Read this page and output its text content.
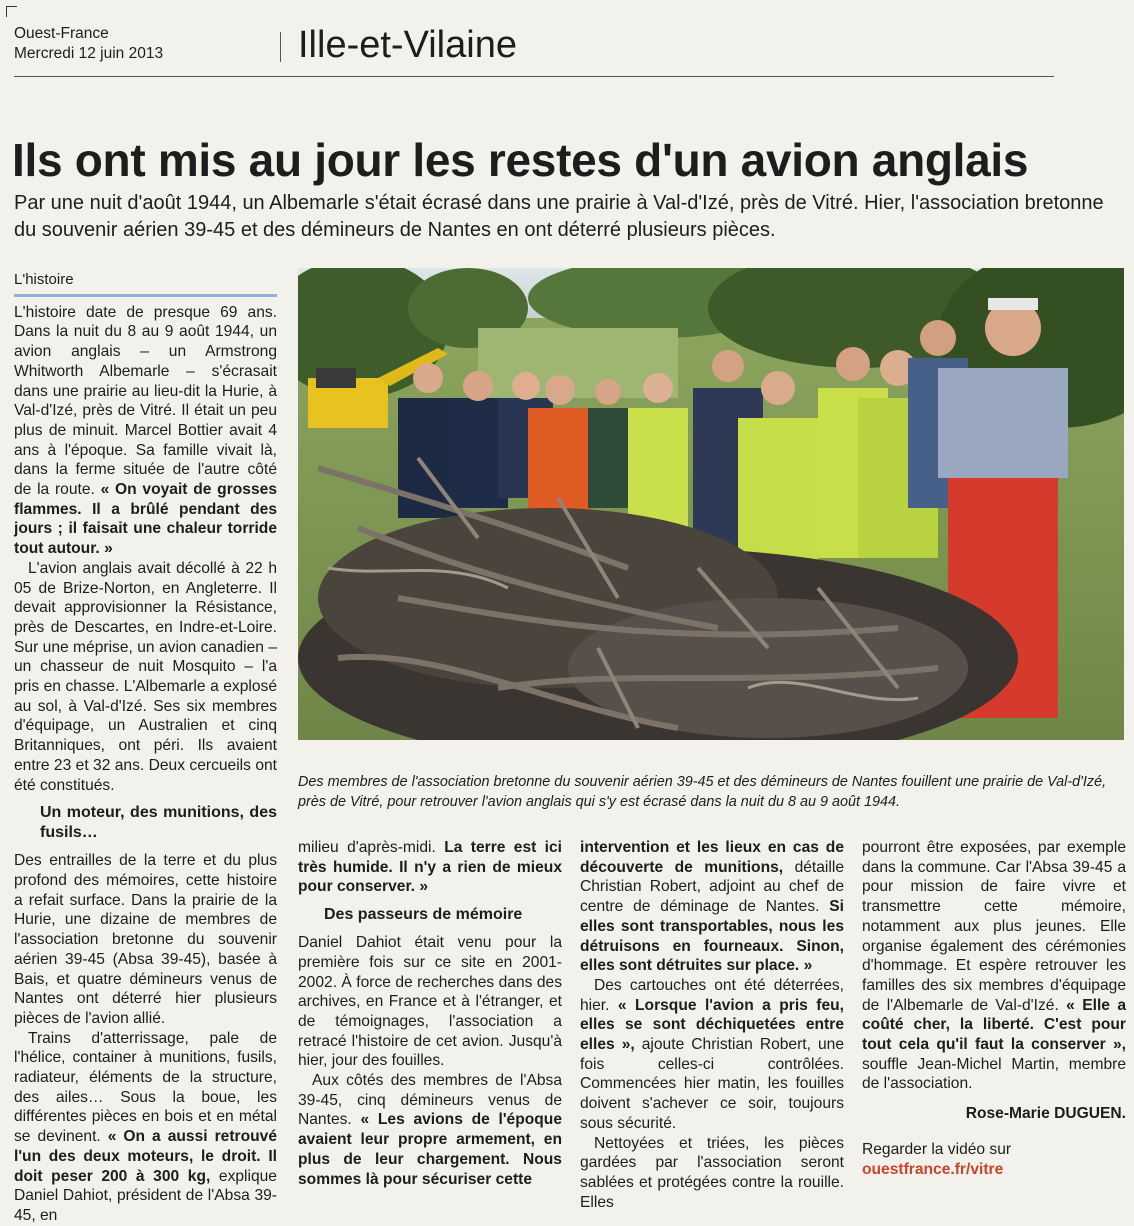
Ouest-France
Mercredi 12 juin 2013	Ille-et-Vilaine
Ils ont mis au jour les restes d'un avion anglais
Par une nuit d'août 1944, un Albemarle s'était écrasé dans une prairie à Val-d'Izé, près de Vitré. Hier, l'association bretonne du souvenir aérien 39-45 et des démineurs de Nantes en ont déterré plusieurs pièces.
L'histoire

L'histoire date de presque 69 ans. Dans la nuit du 8 au 9 août 1944, un avion anglais – un Armstrong Whitworth Albemarle – s'écrasait dans une prairie au lieu-dit la Hurie, à Val-d'Izé, près de Vitré. Il était un peu plus de minuit. Marcel Bottier avait 4 ans à l'époque. Sa famille vivait là, dans la ferme située de l'autre côté de la route. « On voyait de grosses flammes. Il a brûlé pendant des jours ; il faisait une chaleur torride tout autour. »

L'avion anglais avait décollé à 22 h 05 de Brize-Norton, en Angleterre. Il devait approvisionner la Résistance, près de Descartes, en Indre-et-Loire. Sur une méprise, un avion canadien – un chasseur de nuit Mosquito – l'a pris en chasse. L'Albemarle a explosé au sol, à Val-d'Izé. Ses six membres d'équipage, un Australien et cinq Britanniques, ont péri. Ils avaient entre 23 et 32 ans. Deux cercueils ont été constitués.

Un moteur, des munitions, des fusils…

Des entrailles de la terre et du plus profond des mémoires, cette histoire a refait surface. Dans la prairie de la Hurie, une dizaine de membres de l'association bretonne du souvenir aérien 39-45 (Absa 39-45), basée à Bais, et quatre démineurs venus de Nantes ont déterré hier plusieurs pièces de l'avion allié.

Trains d'atterrissage, pale de l'hélice, container à munitions, fusils, radiateur, éléments de la structure, des ailes… Sous la boue, les différentes pièces en bois et en métal se devinent. « On a aussi retrouvé l'un des deux moteurs, le droit. Il doit peser 200 à 300 kg, explique Daniel Dahiot, président de l'Absa 39-45, en

Des membres de l'association bretonne du souvenir aérien 39-45 et des démineurs de Nantes fouillent une prairie de Val-d'Izé, près de Vitré, pour retrouver l'avion anglais qui s'y est écrasé dans la nuit du 8 au 9 août 1944.

milieu d'après-midi. La terre est ici très humide. Il n'y a rien de mieux pour conserver. »

Des passeurs de mémoire

Daniel Dahiot était venu pour la première fois sur ce site en 2001-2002. À force de recherches dans des archives, en France et à l'étranger, et de témoignages, l'association a retracé l'histoire de cet avion. Jusqu'à hier, jour des fouilles.

Aux côtés des membres de l'Absa 39-45, cinq démineurs venus de Nantes. « Les avions de l'époque avaient leur propre armement, en plus de leur chargement. Nous sommes là pour sécuriser cette

intervention et les lieux en cas de découverte de munitions, détaille Christian Robert, adjoint au chef de centre de déminage de Nantes. Si elles sont transportables, nous les détruisons en fourneaux. Sinon, elles sont détruites sur place. »

Des cartouches ont été déterrées, hier. « Lorsque l'avion a pris feu, elles se sont déchiquetées entre elles », ajoute Christian Robert, une fois celles-ci contrôlées. Commencées hier matin, les fouilles doivent s'achever ce soir, toujours sous sécurité.

Nettoyées et triées, les pièces gardées par l'association seront sablées et protégées contre la rouille. Elles

pourront être exposées, par exemple dans la commune. Car l'Absa 39-45 a pour mission de faire vivre et transmettre cette mémoire, notamment aux plus jeunes. Elle organise également des cérémonies d'hommage. Et espère retrouver les familles des six membres d'équipage de l'Albemarle de Val-d'Izé. « Elle a coûté cher, la liberté. C'est pour tout cela qu'il faut la conserver », souffle Jean-Michel Martin, membre de l'association.

Rose-Marie DUGUEN.
Regarder la vidéo sur ouestfrance.fr/vitre
